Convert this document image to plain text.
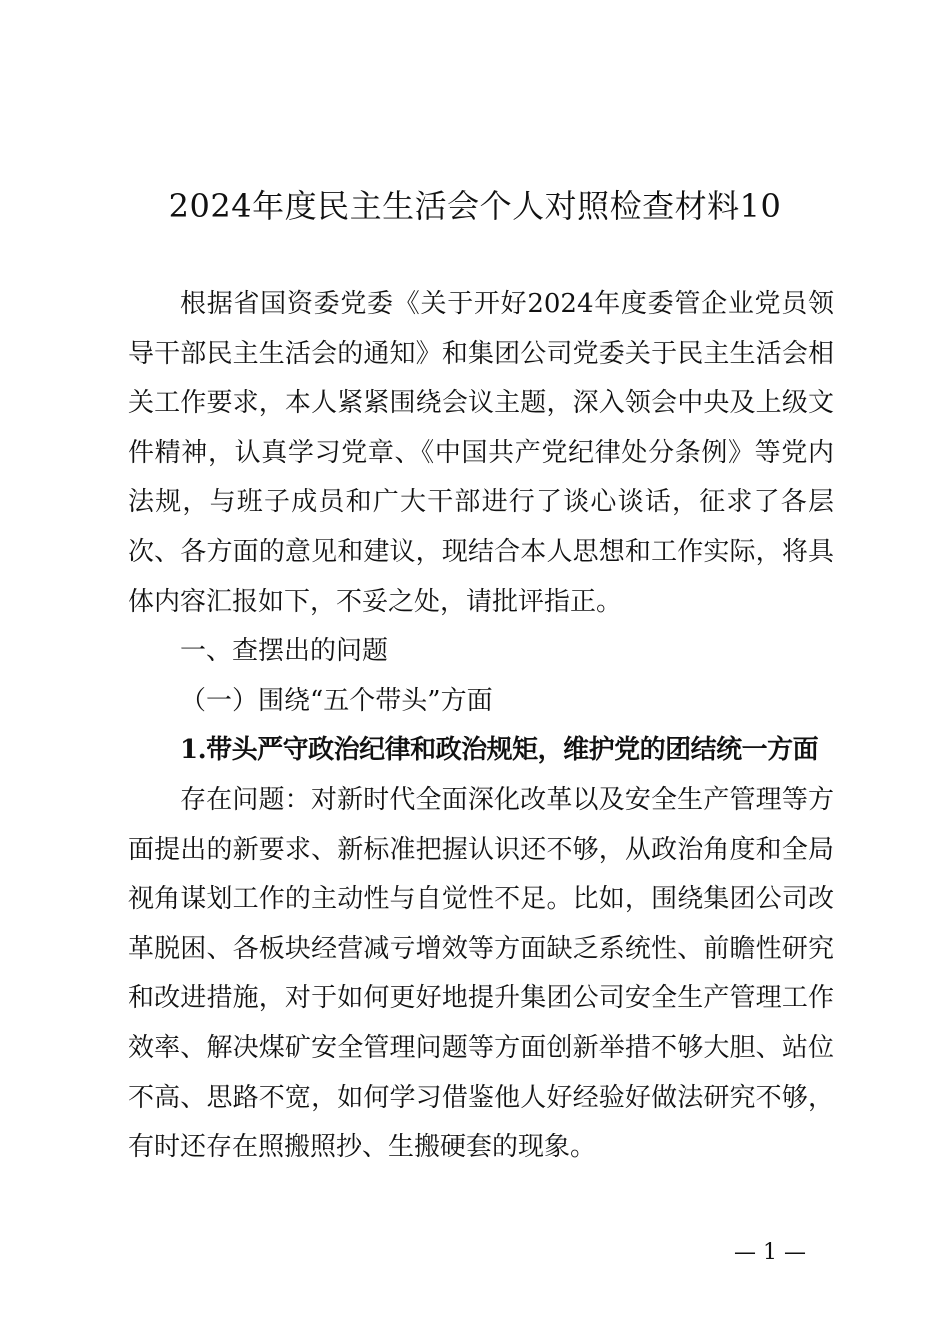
2024年度民主生活会个人对照检查材料10

根据省国资委党委《关于开好2024年度委管企业党员领导干部民主生活会的通知》和集团公司党委关于民主生活会相关工作要求，本人紧紧围绕会议主题，深入领会中央及上级文件精神，认真学习党章、《中国共产党纪律处分条例》等党内法规，与班子成员和广大干部进行了谈心谈话，征求了各层次、各方面的意见和建议，现结合本人思想和工作实际，将具体内容汇报如下，不妥之处，请批评指正。

一、查摆出的问题

（一）围绕“五个带头”方面

1.带头严守政治纪律和政治规矩，维护党的团结统一方面

存在问题：对新时代全面深化改革以及安全生产管理等方面提出的新要求、新标准把握认识还不够，从政治角度和全局视角谋划工作的主动性与自觉性不足。比如，围绕集团公司改革脱困、各板块经营减亏增效等方面缺乏系统性、前瞻性研究和改进措施，对于如何更好地提升集团公司安全生产管理工作效率、解决煤矿安全管理问题等方面创新举措不够大胆、站位不高、思路不宽，如何学习借鉴他人好经验好做法研究不够，有时还存在照搬照抄、生搬硬套的现象。

— 1 —
